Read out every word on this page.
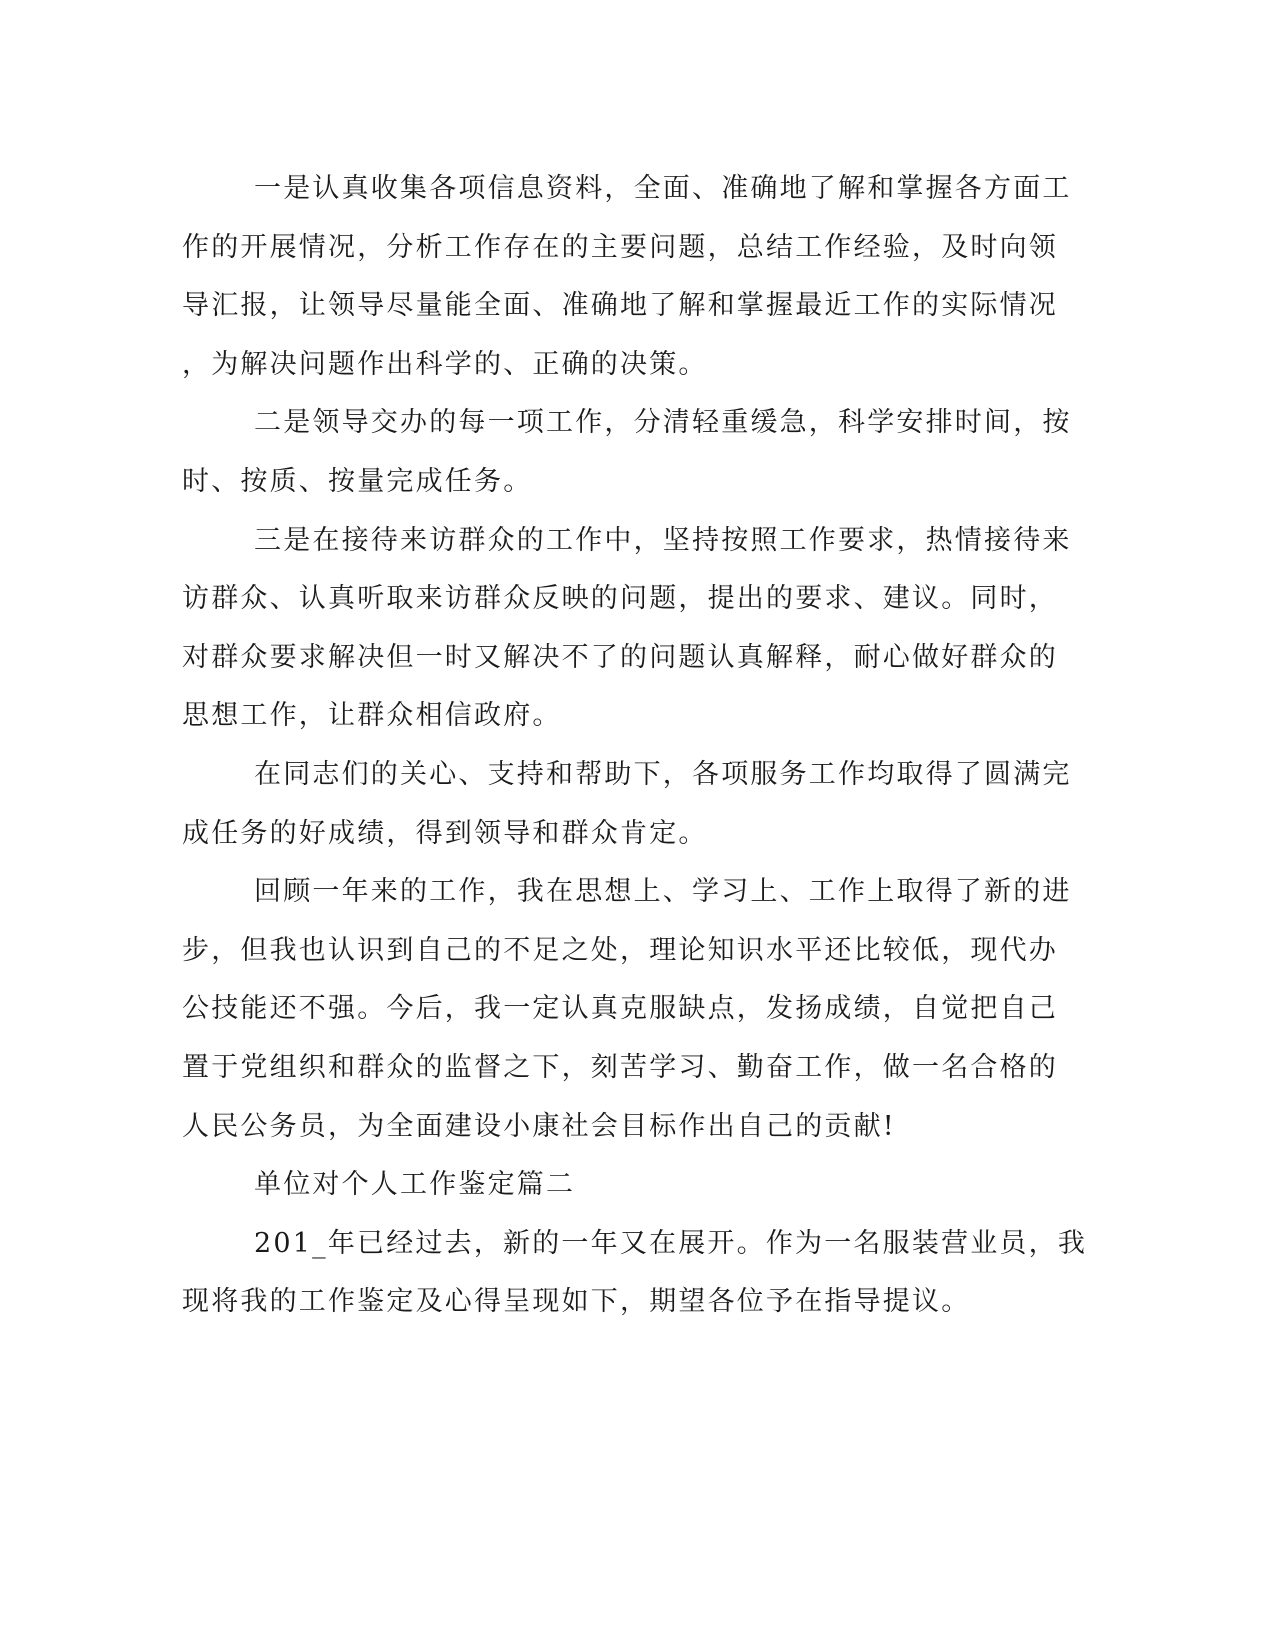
一是认真收集各项信息资料，全面、准确地了解和掌握各方面工
作的开展情况，分析工作存在的主要问题，总结工作经验，及时向领
导汇报，让领导尽量能全面、准确地了解和掌握最近工作的实际情况
，为解决问题作出科学的、正确的决策。
二是领导交办的每一项工作，分清轻重缓急，科学安排时间，按
时、按质、按量完成任务。
三是在接待来访群众的工作中，坚持按照工作要求，热情接待来
访群众、认真听取来访群众反映的问题，提出的要求、建议。同时，
对群众要求解决但一时又解决不了的问题认真解释，耐心做好群众的
思想工作，让群众相信政府。
在同志们的关心、支持和帮助下，各项服务工作均取得了圆满完
成任务的好成绩，得到领导和群众肯定。
回顾一年来的工作，我在思想上、学习上、工作上取得了新的进
步，但我也认识到自己的不足之处，理论知识水平还比较低，现代办
公技能还不强。今后，我一定认真克服缺点，发扬成绩，自觉把自己
置于党组织和群众的监督之下，刻苦学习、勤奋工作，做一名合格的
人民公务员，为全面建设小康社会目标作出自己的贡献!
单位对个人工作鉴定篇二
201_年已经过去，新的一年又在展开。作为一名服装营业员，我
现将我的工作鉴定及心得呈现如下，期望各位予在指导提议。
